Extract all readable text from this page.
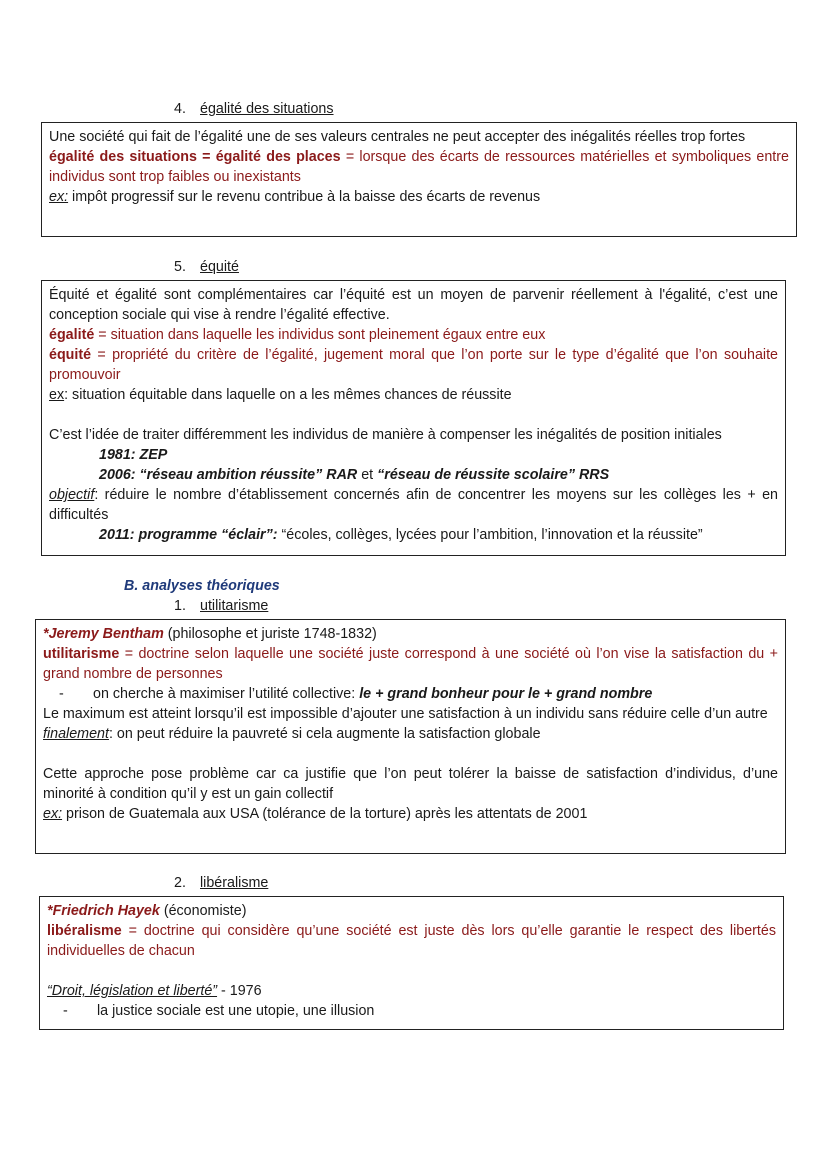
4. égalité des situations
Une société qui fait de l’égalité une de ses valeurs centrales ne peut accepter des inégalités réelles trop fortes
égalité des situations = égalité des places = lorsque des écarts de ressources matérielles et symboliques entre individus sont trop faibles ou inexistants
ex: impôt progressif sur le revenu contribue à la baisse des écarts de revenus
5. équité
Équité et égalité sont complémentaires car l’équité est un moyen de parvenir réellement à l'égalité, c’est une conception sociale qui vise à rendre l’égalité effective.
égalité = situation dans laquelle les individus sont pleinement égaux entre eux
équité = propriété du critère de l’égalité, jugement moral que l’on porte sur le type d’égalité que l’on souhaite promouvoir
ex: situation équitable dans laquelle on a les mêmes chances de réussite
C’est l’idée de traiter différemment les individus de manière à compenser les inégalités de position initiales
1981: ZEP
2006: “réseau ambition réussite” RAR et “réseau de réussite scolaire” RRS
objectif: réduire le nombre d’établissement concernés afin de concentrer les moyens sur les collèges les + en difficultés
2011: programme “éclair”: “écoles, collèges, lycées pour l’ambition, l’innovation et la réussite”
B. analyses théoriques
1. utilitarisme
*Jeremy Bentham (philosophe et juriste 1748-1832)
utilitarisme = doctrine selon laquelle une société juste correspond à une société où l’on vise la satisfaction du + grand nombre de personnes
- on cherche à maximiser l’utilité collective: le + grand bonheur pour le + grand nombre
Le maximum est atteint lorsqu’il est impossible d’ajouter une satisfaction à un individu sans réduire celle d’un autre
finalement: on peut réduire la pauvreté si cela augmente la satisfaction globale
Cette approche pose problème car ca justifie que l’on peut tolérer la baisse de satisfaction d’individus, d’une minorité à condition qu’il y est un gain collectif
ex: prison de Guatemala aux USA (tolérance de la torture) après les attentats de 2001
2. libéralisme
*Friedrich Hayek (économiste)
libéralisme = doctrine qui considère qu’une société est juste dès lors qu’elle garantie le respect des libertés individuelles de chacun
“Droit, législation et liberté” - 1976
- la justice sociale est une utopie, une illusion
